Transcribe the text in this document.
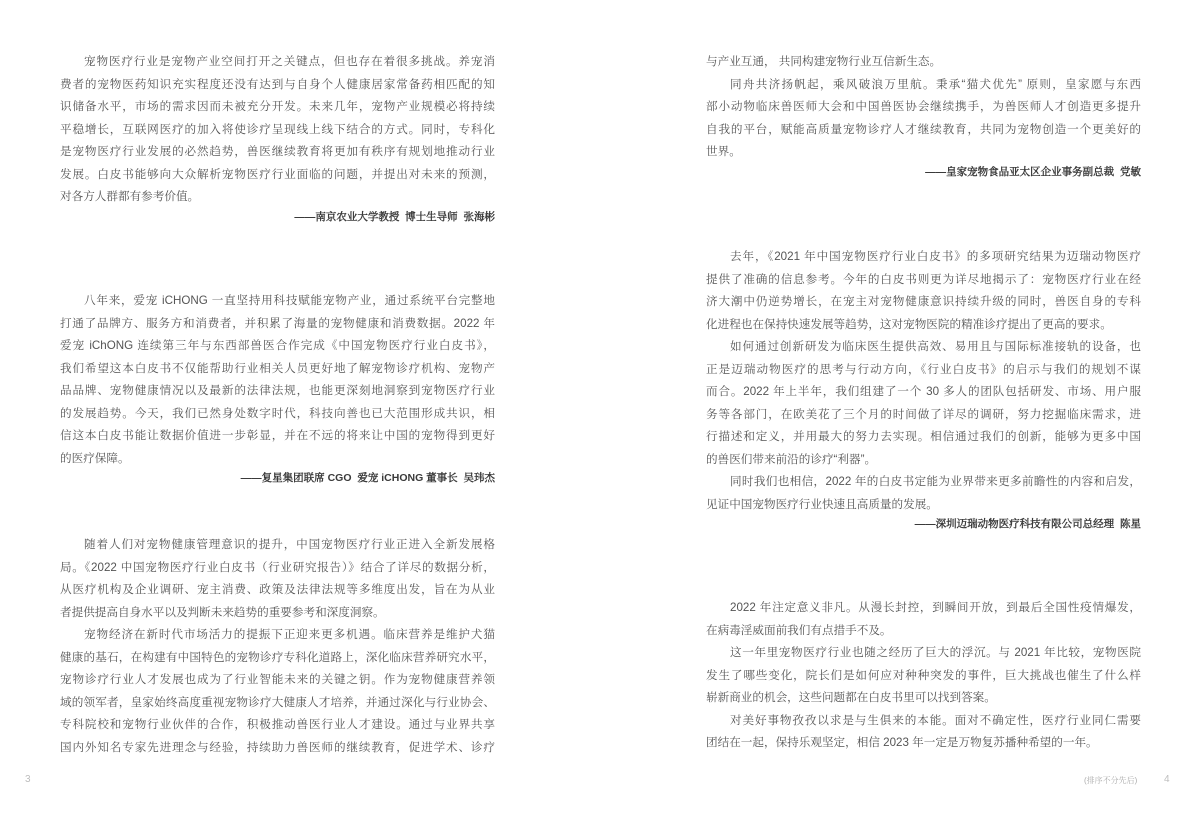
宠物医疗行业是宠物产业空间打开之关键点，但也存在着很多挑战。养宠消
费者的宠物医药知识充实程度还没有达到与自身个人健康居家常备药相匹配的知
识储备水平，市场的需求因而未被充分开发。未来几年，宠物产业规模必将持续
平稳增长，互联网医疗的加入将使诊疗呈现线上线下结合的方式。同时，专科化
是宠物医疗行业发展的必然趋势，兽医继续教育将更加有秩序有规划地推动行业
发展。白皮书能够向大众解析宠物医疗行业面临的问题，并提出对未来的预测，
对各方人群都有参考价值。
——南京农业大学教授  博士生导师  张海彬
八年来，爱宠 iCHONG 一直坚持用科技赋能宠物产业，通过系统平台完整地
打通了品牌方、服务方和消费者，并积累了海量的宠物健康和消费数据。2022 年
爱宠 iChONG 连续第三年与东西部兽医合作完成《中国宠物医疗行业白皮书》，
我们希望这本白皮书不仅能帮助行业相关人员更好地了解宠物诊疗机构、宠物产
品品牌、宠物健康情况以及最新的法律法规，也能更深刻地洞察到宠物医疗行业
的发展趋势。今天，我们已然身处数字时代，科技向善也已大范围形成共识，相
信这本白皮书能让数据价值进一步彰显，并在不远的将来让中国的宠物得到更好
的医疗保障。
——复星集团联席 CGO  爱宠 iCHONG 董事长  吴玮杰
随着人们对宠物健康管理意识的提升，中国宠物医疗行业正进入全新发展格
局。《2022 中国宠物医疗行业白皮书（行业研究报告）》结合了详尽的数据分析，
从医疗机构及企业调研、宠主消费、政策及法律法规等多维度出发，旨在为从业
者提供提高自身水平以及判断未来趋势的重要参考和深度洞察。
宠物经济在新时代市场活力的提振下正迎来更多机遇。临床营养是维护犬猫
健康的基石，在构建有中国特色的宠物诊疗专科化道路上，深化临床营养研究水平，
宠物诊疗行业人才发展也成为了行业智能未来的关键之钥。作为宠物健康营养领
域的领军者，皇家始终高度重视宠物诊疗大健康人才培养，并通过深化与行业协会、
专科院校和宠物行业伙伴的合作，积极推动兽医行业人才建设。通过与业界共享
国内外知名专家先进理念与经验，持续助力兽医师的继续教育，促进学术、诊疗
3
与产业互通， 共同构建宠物行业互信新生态。
同舟共济扬帆起，乘风破浪万里航。秉承“猫犬优先” 原则，皇家愿与东西
部小动物临床兽医师大会和中国兽医协会继续携手，为兽医师人才创造更多提升
自我的平台，赋能高质量宠物诊疗人才继续教育，共同为宠物创造一个更美好的
世界。
——皇家宠物食品亚太区企业事务副总裁  党敏
去年，《2021 年中国宠物医疗行业白皮书》的多项研究结果为迈瑞动物医疗
提供了准确的信息参考。今年的白皮书则更为详尽地揭示了：宠物医疗行业在经
济大潮中仍逆势增长，在宠主对宠物健康意识持续升级的同时，兽医自身的专科
化进程也在保持快速发展等趋势，这对宠物医院的精准诊疗提出了更高的要求。
如何通过创新研发为临床医生提供高效、易用且与国际标准接轨的设备，也
正是迈瑞动物医疗的思考与行动方向，《行业白皮书》的启示与我们的规划不谋
而合。2022 年上半年，我们组建了一个 30 多人的团队包括研发、市场、用户服
务等各部门，在欧美花了三个月的时间做了详尽的调研，努力挖掘临床需求，进
行描述和定义，并用最大的努力去实现。相信通过我们的创新，能够为更多中国
的兽医们带来前沿的诊疗“利器”。
同时我们也相信，2022 年的白皮书定能为业界带来更多前瞻性的内容和启发，
见证中国宠物医疗行业快速且高质量的发展。
——深圳迈瑞动物医疗科技有限公司总经理  陈星
2022 年注定意义非凡。从漫长封控，到瞬间开放，到最后全国性疫情爆发，
在病毒淫威面前我们有点措手不及。
这一年里宠物医疗行业也随之经历了巨大的浮沉。与 2021 年比较，宠物医院
发生了哪些变化，院长们是如何应对种种突发的事件，巨大挑战也催生了什么样
崭新商业的机会，这些问题都在白皮书里可以找到答案。
对美好事物孜孜以求是与生俱来的本能。面对不确定性，医疗行业同仁需要
团结在一起，保持乐观坚定，相信 2023 年一定是万物复苏播种希望的一年。
(排序不分先后)	4
